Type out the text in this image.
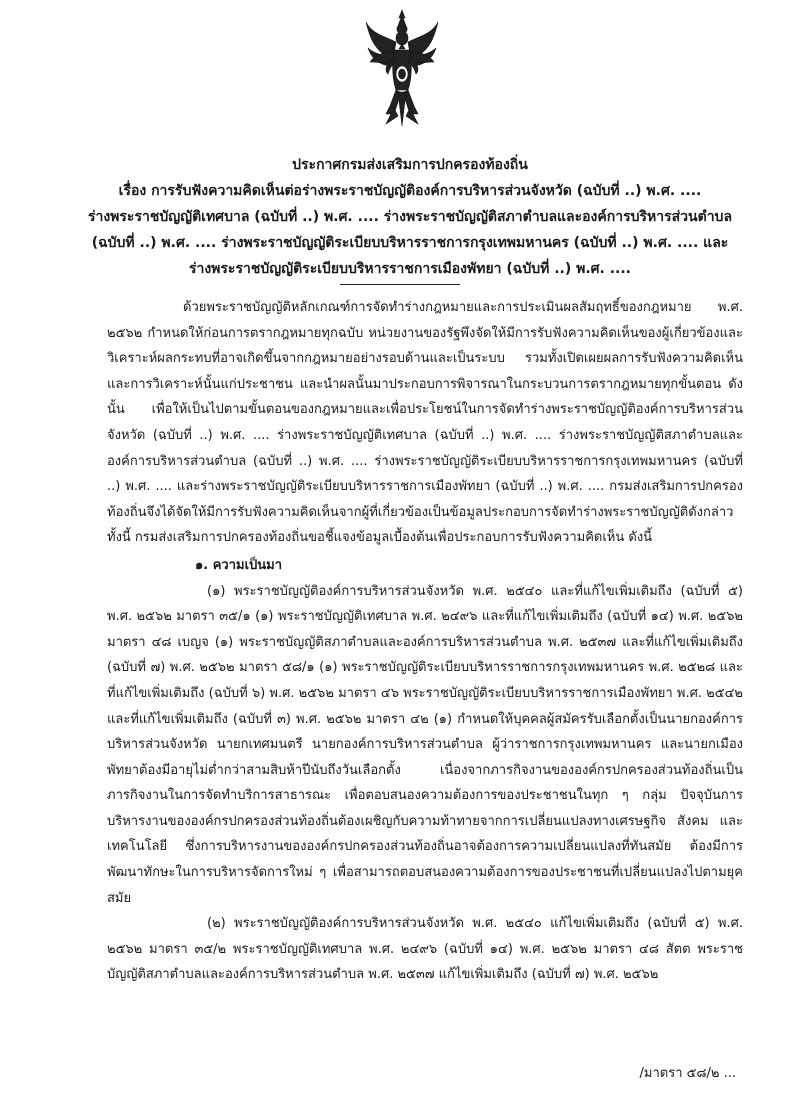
ประกาศกรมส่งเสริมการปกครองท้องถิ่น
เรื่อง การรับฟังความคิดเห็นต่อร่างพระราชบัญญัติองค์การบริหารส่วนจังหวัด (ฉบับที่ ..) พ.ศ. ....
ร่างพระราชบัญญัติเทศบาล (ฉบับที่ ..) พ.ศ. .... ร่างพระราชบัญญัติสภาตำบลและองค์การบริหารส่วนตำบล
(ฉบับที่ ..) พ.ศ. .... ร่างพระราชบัญญัติระเบียบบริหารราชการกรุงเทพมหานคร (ฉบับที่ ..) พ.ศ. .... และ
ร่างพระราชบัญญัติระเบียบบริหารราชการเมืองพัทยา (ฉบับที่ ..) พ.ศ. ....

ด้วยพระราชบัญญัติหลักเกณฑ์การจัดทำร่างกฎหมายและการประเมินผลสัมฤทธิ์ของกฎหมาย พ.ศ. ๒๕๖๒ กำหนดให้ก่อนการตรากฎหมายทุกฉบับ หน่วยงานของรัฐพึงจัดให้มีการรับฟังความคิดเห็นของผู้เกี่ยวข้องและวิเคราะห์ผลกระทบที่อาจเกิดขึ้นจากกฎหมายอย่างรอบด้านและเป็นระบบ รวมทั้งเปิดเผยผลการรับฟังความคิดเห็นและการวิเคราะห์นั้นแก่ประชาชน และนำผลนั้นมาประกอบการพิจารณาในกระบวนการตรากฎหมายทุกขั้นตอน ดังนั้น เพื่อให้เป็นไปตามขั้นตอนของกฎหมายและเพื่อประโยชน์ในการจัดทำร่างพระราชบัญญัติองค์การบริหารส่วนจังหวัด (ฉบับที่ ..) พ.ศ. .... ร่างพระราชบัญญัติเทศบาล (ฉบับที่ ..) พ.ศ. .... ร่างพระราชบัญญัติสภาตำบลและองค์การบริหารส่วนตำบล (ฉบับที่ ..) พ.ศ. .... ร่างพระราชบัญญัติระเบียบบริหารราชการกรุงเทพมหานคร (ฉบับที่ ..) พ.ศ. .... และร่างพระราชบัญญัติระเบียบบริหารราชการเมืองพัทยา (ฉบับที่ ..) พ.ศ. .... กรมส่งเสริมการปกครองท้องถิ่นจึงได้จัดให้มีการรับฟังความคิดเห็นจากผู้ที่เกี่ยวข้องเป็นข้อมูลประกอบการจัดทำร่างพระราชบัญญัติดังกล่าว ทั้งนี้ กรมส่งเสริมการปกครองท้องถิ่นขอชี้แจงข้อมูลเบื้องต้นเพื่อประกอบการรับฟังความคิดเห็น ดังนี้

๑. ความเป็นมา

(๑) พระราชบัญญัติองค์การบริหารส่วนจังหวัด พ.ศ. ๒๕๔๐ และที่แก้ไขเพิ่มเติมถึง (ฉบับที่ ๕) พ.ศ. ๒๕๖๒ มาตรา ๓๕/๑ (๑) พระราชบัญญัติเทศบาล พ.ศ. ๒๔๙๖ และที่แก้ไขเพิ่มเติมถึง (ฉบับที่ ๑๔) พ.ศ. ๒๕๖๒ มาตรา ๔๘ เบญจ (๑) พระราชบัญญัติสภาตำบลและองค์การบริหารส่วนตำบล พ.ศ. ๒๕๓๗ และที่แก้ไขเพิ่มเติมถึง (ฉบับที่ ๗) พ.ศ. ๒๕๖๒ มาตรา ๕๘/๑ (๑) พระราชบัญญัติระเบียบบริหารราชการกรุงเทพมหานคร พ.ศ. ๒๕๒๘ และที่แก้ไขเพิ่มเติมถึง (ฉบับที่ ๖) พ.ศ. ๒๕๖๒ มาตรา ๔๖ พระราชบัญญัติระเบียบบริหารราชการเมืองพัทยา พ.ศ. ๒๕๔๒ และที่แก้ไขเพิ่มเติมถึง (ฉบับที่ ๓) พ.ศ. ๒๕๖๒ มาตรา ๔๒ (๑) กำหนดให้บุคคลผู้สมัครรับเลือกตั้งเป็นนายกองค์การบริหารส่วนจังหวัด นายกเทศมนตรี นายกองค์การบริหารส่วนตำบล ผู้ว่าราชการกรุงเทพมหานคร และนายกเมืองพัทยาต้องมีอายุไม่ต่ำกว่าสามสิบห้าปีนับถึงวันเลือกตั้ง เนื่องจากภารกิจงานขององค์กรปกครองส่วนท้องถิ่นเป็นภารกิจงานในการจัดทำบริการสาธารณะ เพื่อตอบสนองความต้องการของประชาชนในทุก ๆ กลุ่ม ปัจจุบันการบริหารงานขององค์กรปกครองส่วนท้องถิ่นต้องเผชิญกับความท้าทายจากการเปลี่ยนแปลงทางเศรษฐกิจ สังคม และเทคโนโลยี ซึ่งการบริหารงานขององค์กรปกครองส่วนท้องถิ่นอาจต้องการความเปลี่ยนแปลงที่ทันสมัย ต้องมีการพัฒนาทักษะในการบริหารจัดการใหม่ ๆ เพื่อสามารถตอบสนองความต้องการของประชาชนที่เปลี่ยนแปลงไปตามยุคสมัย

(๒) พระราชบัญญัติองค์การบริหารส่วนจังหวัด พ.ศ. ๒๕๔๐ แก้ไขเพิ่มเติมถึง (ฉบับที่ ๕) พ.ศ. ๒๕๖๒ มาตรา ๓๕/๒ พระราชบัญญัติเทศบาล พ.ศ. ๒๔๙๖ (ฉบับที่ ๑๔) พ.ศ. ๒๕๖๒ มาตรา ๔๘ สัตต พระราชบัญญัติสภาตำบลและองค์การบริหารส่วนตำบล พ.ศ. ๒๕๓๗ แก้ไขเพิ่มเติมถึง (ฉบับที่ ๗) พ.ศ. ๒๕๖๒

/มาตรา ๕๘/๒ ...
